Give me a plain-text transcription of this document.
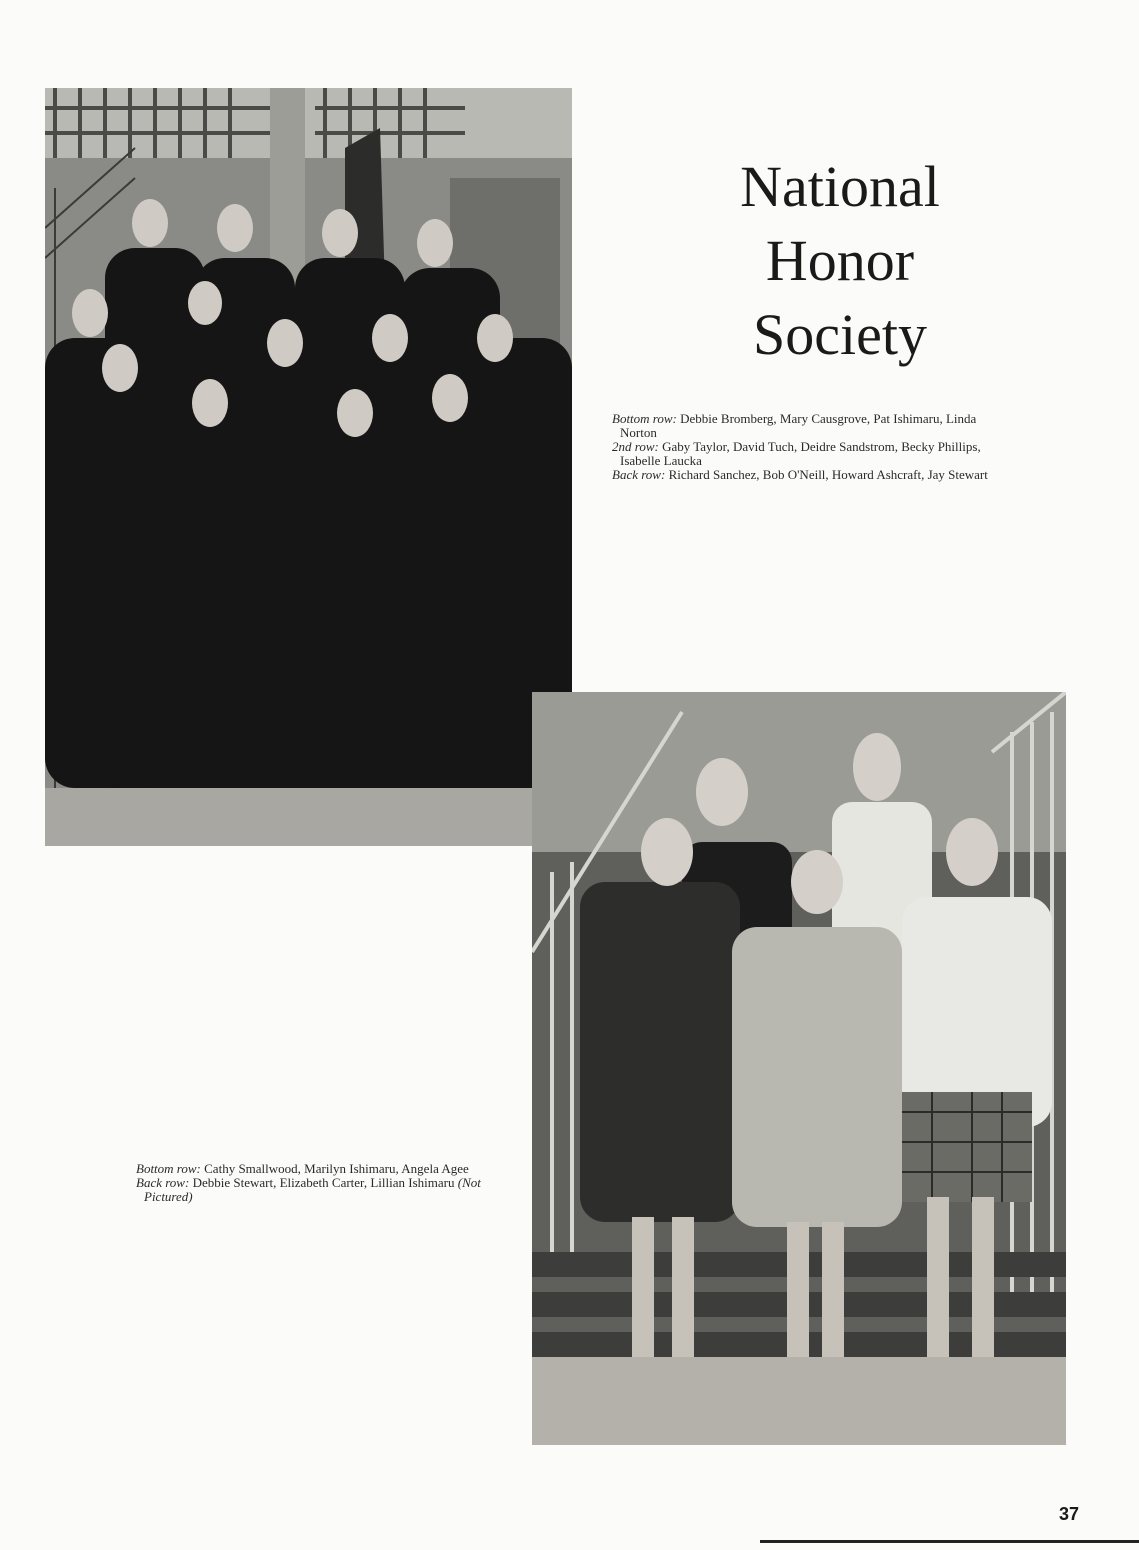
National
Honor
Society

Bottom row: Debbie Bromberg, Mary Causgrove, Pat Ishimaru, Linda Norton

2nd row: Gaby Taylor, David Tuch, Deidre Sandstrom, Becky Phillips, Isabelle Laucka

Back row: Richard Sanchez, Bob O'Neill, Howard Ashcraft, Jay Stewart

Bottom row: Cathy Smallwood, Marilyn Ishimaru, Angela Agee

Back row: Debbie Stewart, Elizabeth Carter, Lillian Ishimaru (Not Pictured)

37
